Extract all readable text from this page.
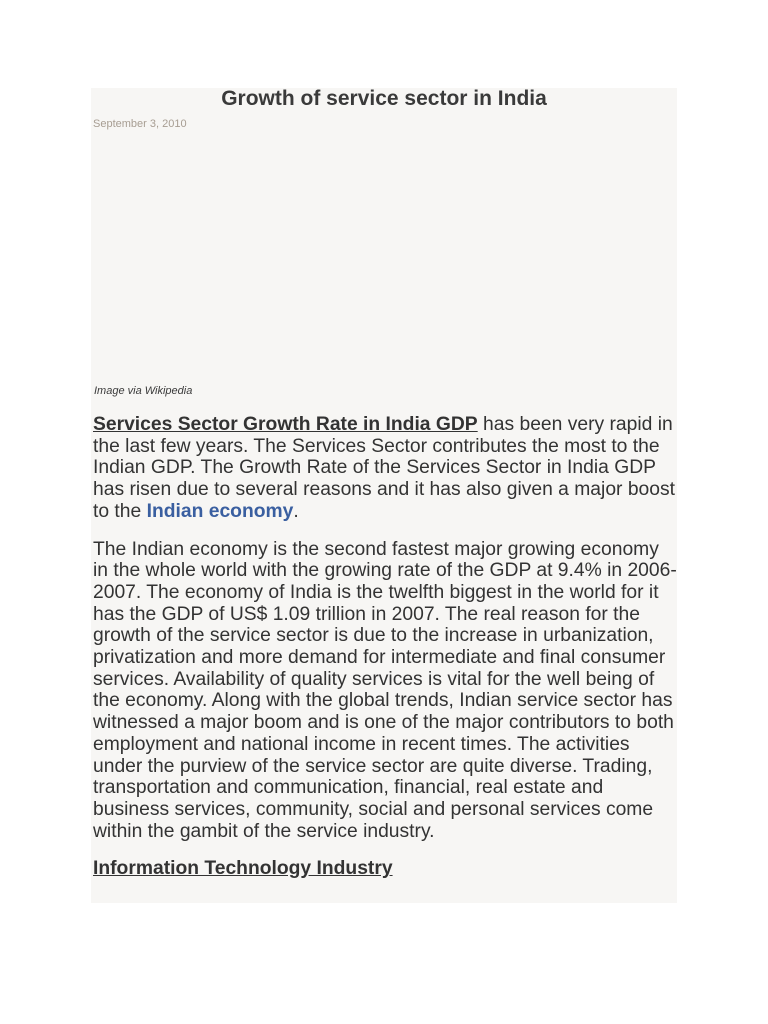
Growth of service sector in India
September 3, 2010
Image via Wikipedia

Services Sector Growth Rate in India GDP has been very rapid in the last few years. The Services Sector contributes the most to the Indian GDP. The Growth Rate of the Services Sector in India GDP has risen due to several reasons and it has also given a major boost to the Indian economy.

The Indian economy is the second fastest major growing economy in the whole world with the growing rate of the GDP at 9.4% in 2006- 2007. The economy of India is the twelfth biggest in the world for it has the GDP of US$ 1.09 trillion in 2007. The real reason for the growth of the service sector is due to the increase in urbanization, privatization and more demand for intermediate and final consumer services. Availability of quality services is vital for the well being of the economy. Along with the global trends, Indian service sector has witnessed a major boom and is one of the major contributors to both employment and national income in recent times. The activities under the purview of the service sector are quite diverse. Trading, transportation and communication, financial, real estate and business services, community, social and personal services come within the gambit of the service industry.

Information Technology Industry
